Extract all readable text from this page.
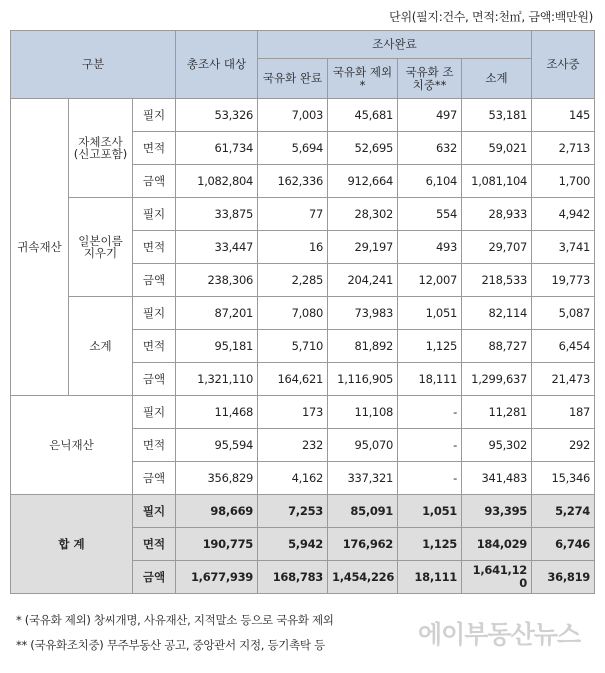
단위(필지:건수, 면적:천㎡, 금액:백만원)
구분			총조사 대상	조사완료				조사중
				국유화 완료	국유화 제외*	국유화 조치중**	소계	
귀속재산	자체조사 (신고포함)	필지	53,326	7,003	45,681	497	53,181	145
		면적	61,734	5,694	52,695	632	59,021	2,713
		금액	1,082,804	162,336	912,664	6,104	1,081,104	1,700
	일본이름 지우기	필지	33,875	77	28,302	554	28,933	4,942
		면적	33,447	16	29,197	493	29,707	3,741
		금액	238,306	2,285	204,241	12,007	218,533	19,773
	소계	필지	87,201	7,080	73,983	1,051	82,114	5,087
		면적	95,181	5,710	81,892	1,125	88,727	6,454
		금액	1,321,110	164,621	1,116,905	18,111	1,299,637	21,473
은닉재산		필지	11,468	173	11,108	-	11,281	187
		면적	95,594	232	95,070	-	95,302	292
		금액	356,829	4,162	337,321	-	341,483	15,346
합 계		필지	98,669	7,253	85,091	1,051	93,395	5,274
		면적	190,775	5,942	176,962	1,125	184,029	6,746
		금액	1,677,939	168,783	1,454,226	18,111	1,641,120	36,819
* (국유화 제외) 창씨개명, 사유재산, 지적말소 등으로 국유화 제외
** (국유화조치중) 무주부동산 공고, 중앙관서 지정, 등기촉탁 등	에이부동산뉴스
